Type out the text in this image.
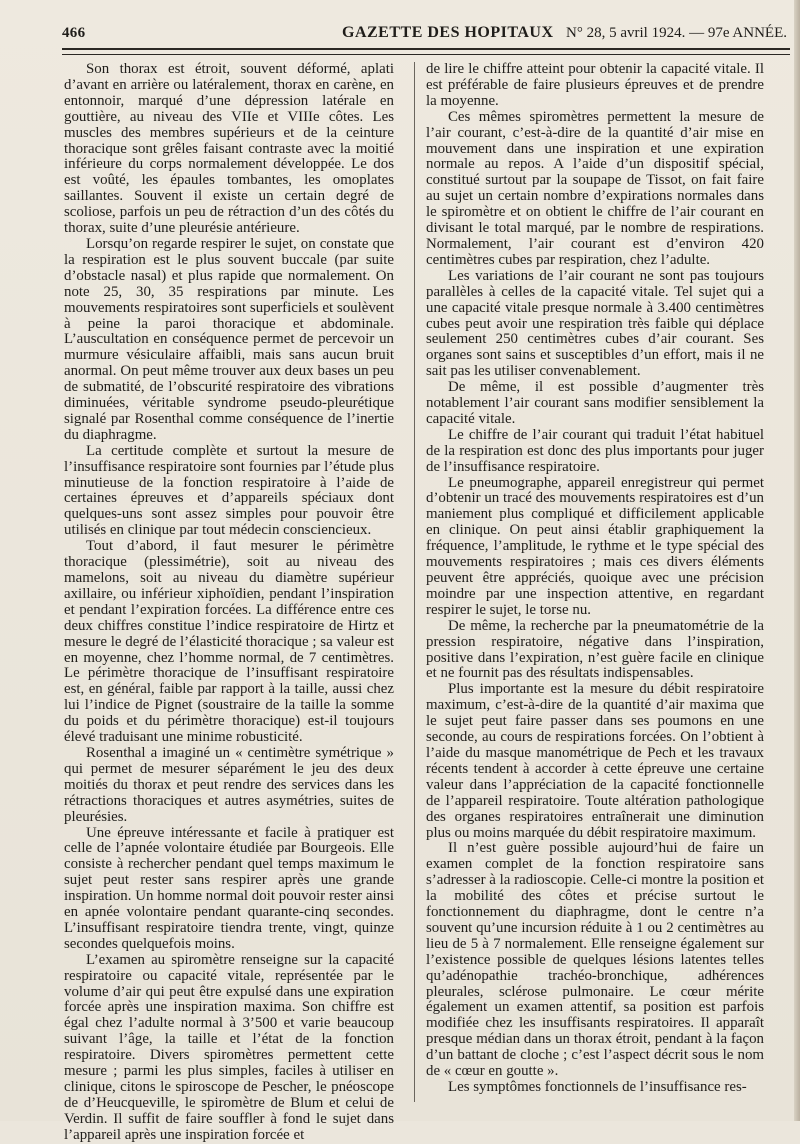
466	GAZETTE DES HOPITAUX N° 28, 5 avril 1924. — 97e ANNÉE.

Son thorax est étroit, souvent déformé, aplati d’avant en arrière ou latéralement, thorax en carène, en entonnoir, marqué d’une dépression latérale en gouttière, au niveau des VIIe et VIIIe côtes. Les muscles des membres supérieurs et de la ceinture thoracique sont grêles faisant contraste avec la moitié inférieure du corps normalement développée. Le dos est voûté, les épaules tombantes, les omoplates saillantes. Souvent il existe un certain degré de scoliose, parfois un peu de rétraction d’un des côtés du thorax, suite d’une pleurésie antérieure.

Lorsqu’on regarde respirer le sujet, on constate que la respiration est le plus souvent buccale (par suite d’obstacle nasal) et plus rapide que normalement. On note 25, 30, 35 respirations par minute. Les mouvements respiratoires sont superficiels et soulèvent à peine la paroi thoracique et abdominale. L’auscultation en conséquence permet de percevoir un murmure vésiculaire affaibli, mais sans aucun bruit anormal. On peut même trouver aux deux bases un peu de submatité, de l’obscurité respiratoire des vibrations diminuées, véritable syndrome pseudo-pleurétique signalé par Rosenthal comme conséquence de l’inertie du diaphragme.

La certitude complète et surtout la mesure de l’insuffisance respiratoire sont fournies par l’étude plus minutieuse de la fonction respiratoire à l’aide de certaines épreuves et d’appareils spéciaux dont quelques-uns sont assez simples pour pouvoir être utilisés en clinique par tout médecin consciencieux.

Tout d’abord, il faut mesurer le périmètre thoracique (plessimétrie), soit au niveau des mamelons, soit au niveau du diamètre supérieur axillaire, ou inférieur xiphoïdien, pendant l’inspiration et pendant l’expiration forcées. La différence entre ces deux chiffres constitue l’indice respiratoire de Hirtz et mesure le degré de l’élasticité thoracique ; sa valeur est en moyenne, chez l’homme normal, de 7 centimètres. Le périmètre thoracique de l’insuffisant respiratoire est, en général, faible par rapport à la taille, aussi chez lui l’indice de Pignet (soustraire de la taille la somme du poids et du périmètre thoracique) est-il toujours élevé traduisant une minime robusticité.

Rosenthal a imaginé un « centimètre symétrique » qui permet de mesurer séparément le jeu des deux moitiés du thorax et peut rendre des services dans les rétractions thoraciques et autres asymétries, suites de pleurésies.

Une épreuve intéressante et facile à pratiquer est celle de l’apnée volontaire étudiée par Bourgeois. Elle consiste à rechercher pendant quel temps maximum le sujet peut rester sans respirer après une grande inspiration. Un homme normal doit pouvoir rester ainsi en apnée volontaire pendant quarante-cinq secondes. L’insuffisant respiratoire tiendra trente, vingt, quinze secondes quelquefois moins.

L’examen au spiromètre renseigne sur la capacité respiratoire ou capacité vitale, représentée par le volume d’air qui peut être expulsé dans une expiration forcée après une inspiration maxima. Son chiffre est égal chez l’adulte normal à 3’500 et varie beaucoup suivant l’âge, la taille et l’état de la fonction respiratoire. Divers spiromètres permettent cette mesure ; parmi les plus simples, faciles à utiliser en clinique, citons le spiroscope de Pescher, le pnéoscope de d’Heucqueville, le spiromètre de Blum et celui de Verdin. Il suffit de faire souffler à fond le sujet dans l’appareil après une inspiration forcée et

de lire le chiffre atteint pour obtenir la capacité vitale. Il est préférable de faire plusieurs épreuves et de prendre la moyenne.

Ces mêmes spiromètres permettent la mesure de l’air courant, c’est-à-dire de la quantité d’air mise en mouvement dans une inspiration et une expiration normale au repos. A l’aide d’un dispositif spécial, constitué surtout par la soupape de Tissot, on fait faire au sujet un certain nombre d’expirations normales dans le spiromètre et on obtient le chiffre de l’air courant en divisant le total marqué, par le nombre de respirations. Normalement, l’air courant est d’environ 420 centimètres cubes par respiration, chez l’adulte.

Les variations de l’air courant ne sont pas toujours parallèles à celles de la capacité vitale. Tel sujet qui a une capacité vitale presque normale à 3.400 centimètres cubes peut avoir une respiration très faible qui déplace seulement 250 centimètres cubes d’air courant. Ses organes sont sains et susceptibles d’un effort, mais il ne sait pas les utiliser convenablement.

De même, il est possible d’augmenter très notablement l’air courant sans modifier sensiblement la capacité vitale.

Le chiffre de l’air courant qui traduit l’état habituel de la respiration est donc des plus importants pour juger de l’insuffisance respiratoire.

Le pneumographe, appareil enregistreur qui permet d’obtenir un tracé des mouvements respiratoires est d’un maniement plus compliqué et difficilement applicable en clinique. On peut ainsi établir graphiquement la fréquence, l’amplitude, le rythme et le type spécial des mouvements respiratoires ; mais ces divers éléments peuvent être appréciés, quoique avec une précision moindre par une inspection attentive, en regardant respirer le sujet, le torse nu.

De même, la recherche par la pneumatométrie de la pression respiratoire, négative dans l’inspiration, positive dans l’expiration, n’est guère facile en clinique et ne fournit pas des résultats indispensables.

Plus importante est la mesure du débit respiratoire maximum, c’est-à-dire de la quantité d’air maxima que le sujet peut faire passer dans ses poumons en une seconde, au cours de respirations forcées. On l’obtient à l’aide du masque manométrique de Pech et les travaux récents tendent à accorder à cette épreuve une certaine valeur dans l’appréciation de la capacité fonctionnelle de l’appareil respiratoire. Toute altération pathologique des organes respiratoires entraînerait une diminution plus ou moins marquée du débit respiratoire maximum.

Il n’est guère possible aujourd’hui de faire un examen complet de la fonction respiratoire sans s’adresser à la radioscopie. Celle-ci montre la position et la mobilité des côtes et précise surtout le fonctionnement du diaphragme, dont le centre n’a souvent qu’une incursion réduite à 1 ou 2 centimètres au lieu de 5 à 7 normalement. Elle renseigne également sur l’existence possible de quelques lésions latentes telles qu’adénopathie trachéo-bronchique, adhérences pleurales, sclérose pulmonaire. Le cœur mérite également un examen attentif, sa position est parfois modifiée chez les insuffisants respiratoires. Il apparaît presque médian dans un thorax étroit, pendant à la façon d’un battant de cloche ; c’est l’aspect décrit sous le nom de « cœur en goutte ».

Les symptômes fonctionnels de l’insuffisance res-
